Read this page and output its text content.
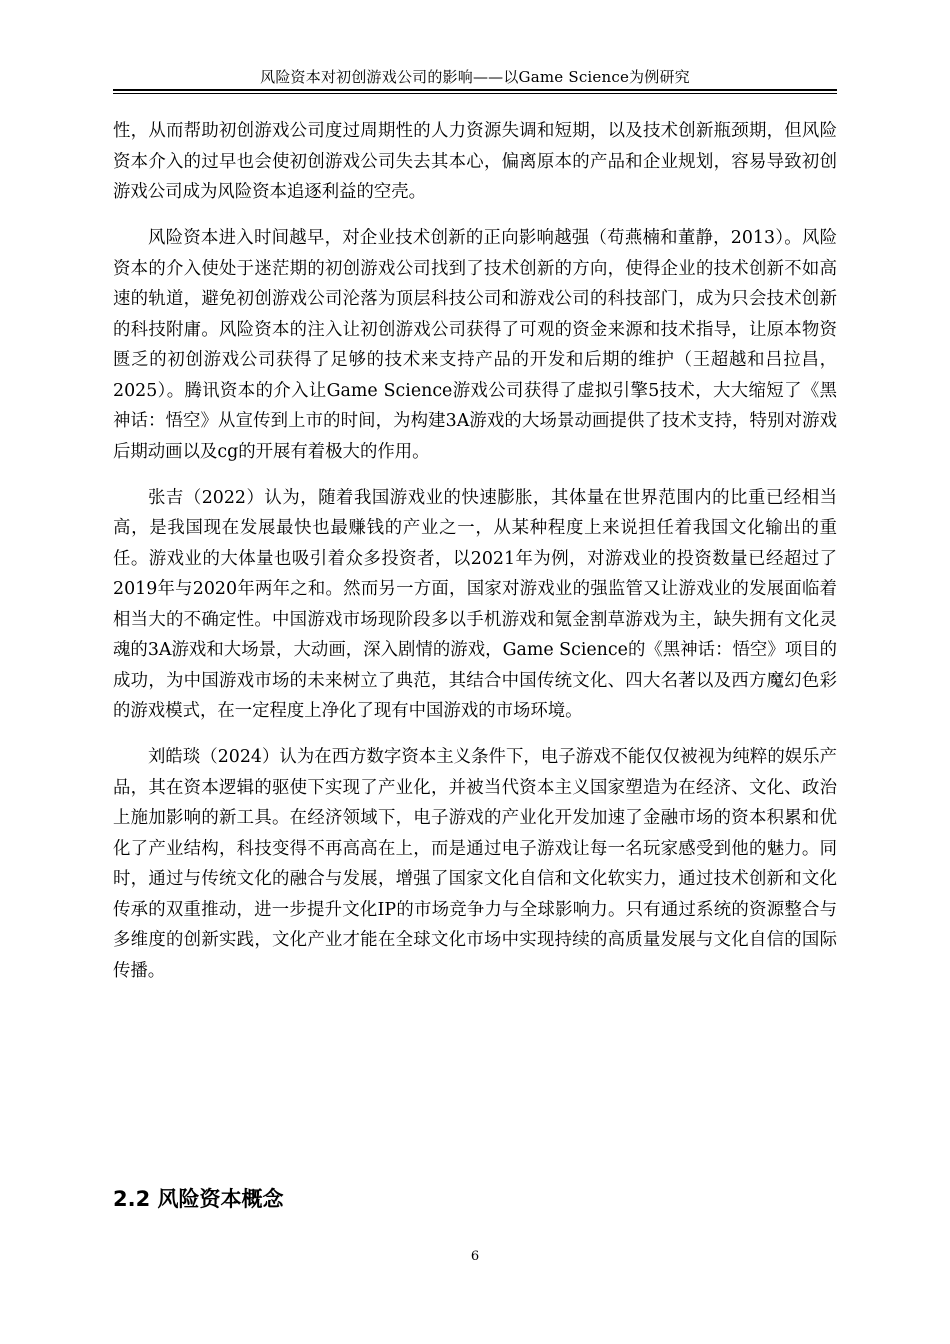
风险资本对初创游戏公司的影响——以Game Science为例研究

性，从而帮助初创游戏公司度过周期性的人力资源失调和短期，以及技术创新瓶颈期，但风险资本介入的过早也会使初创游戏公司失去其本心，偏离原本的产品和企业规划，容易导致初创游戏公司成为风险资本追逐利益的空壳。

风险资本进入时间越早，对企业技术创新的正向影响越强（苟燕楠和董静，2013）。风险资本的介入使处于迷茫期的初创游戏公司找到了技术创新的方向，使得企业的技术创新不如高速的轨道，避免初创游戏公司沦落为顶层科技公司和游戏公司的科技部门，成为只会技术创新的科技附庸。风险资本的注入让初创游戏公司获得了可观的资金来源和技术指导，让原本物资匮乏的初创游戏公司获得了足够的技术来支持产品的开发和后期的维护（王超越和吕拉昌，2025）。腾讯资本的介入让Game Science游戏公司获得了虚拟引擎5技术，大大缩短了《黑神话：悟空》从宣传到上市的时间，为构建3A游戏的大场景动画提供了技术支持，特别对游戏后期动画以及cg的开展有着极大的作用。

张吉（2022）认为，随着我国游戏业的快速膨胀，其体量在世界范围内的比重已经相当高，是我国现在发展最快也最赚钱的产业之一，从某种程度上来说担任着我国文化输出的重任。游戏业的大体量也吸引着众多投资者，以2021年为例，对游戏业的投资数量已经超过了2019年与2020年两年之和。然而另一方面，国家对游戏业的强监管又让游戏业的发展面临着相当大的不确定性。中国游戏市场现阶段多以手机游戏和氪金割草游戏为主，缺失拥有文化灵魂的3A游戏和大场景，大动画，深入剧情的游戏，Game Science的《黑神话：悟空》项目的成功，为中国游戏市场的未来树立了典范，其结合中国传统文化、四大名著以及西方魔幻色彩的游戏模式，在一定程度上净化了现有中国游戏的市场环境。

刘皓琰（2024）认为在西方数字资本主义条件下，电子游戏不能仅仅被视为纯粹的娱乐产品，其在资本逻辑的驱使下实现了产业化，并被当代资本主义国家塑造为在经济、文化、政治上施加影响的新工具。在经济领域下，电子游戏的产业化开发加速了金融市场的资本积累和优化了产业结构，科技变得不再高高在上，而是通过电子游戏让每一名玩家感受到他的魅力。同时，通过与传统文化的融合与发展，增强了国家文化自信和文化软实力，通过技术创新和文化传承的双重推动，进一步提升文化IP的市场竞争力与全球影响力。只有通过系统的资源整合与多维度的创新实践，文化产业才能在全球文化市场中实现持续的高质量发展与文化自信的国际传播。

2.2 风险资本概念
6
